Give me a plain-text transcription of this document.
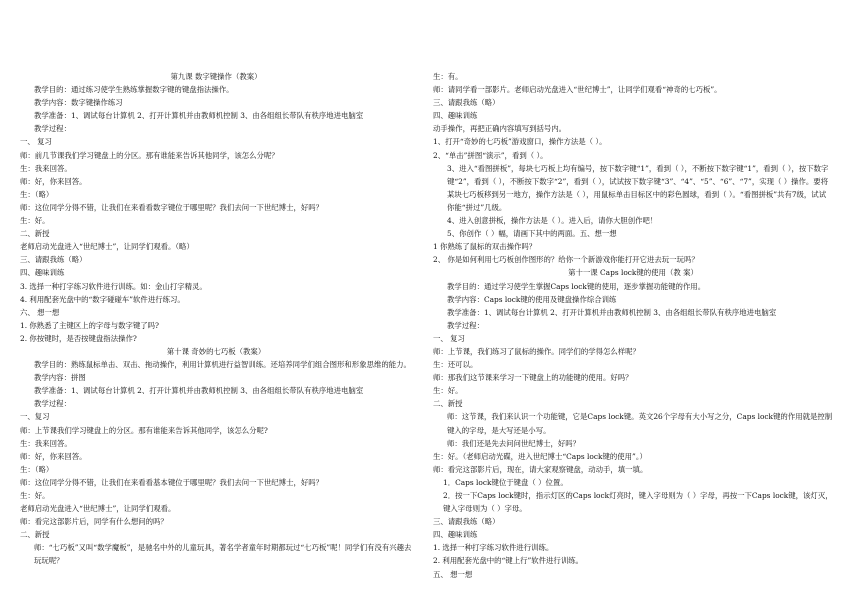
第九课 数字键操作（教案）
教学目的：通过练习使学生熟练掌握数字键的键盘指法操作。
教学内容：数字键操作练习
教学准备：1、调试每台计算机 2、打开计算机并由教师机控制 3、由各组组长带队有秩序地进电脑室
教学过程：
一、 复习
师：前几节课我们学习键盘上的分区。那有谁能来告诉其他同学，该怎么分呢？
生：我来回答。
师：好，你来回答。
生：（略）
师：这位同学分得不错，让我们在来看看数字键位于哪里呢？我们去问一下世纪博士，好吗？
生：好。
二、新授
老师启动光盘进入“世纪博士”，让同学们观看。（略）
三、请跟我练（略）
四、趣味训练
3. 选择一种打字练习软件进行训练。如：金山打字精灵。
4. 利用配套光盘中的“数字碰碰车”软件进行练习。
六、 想一想
1. 你熟悉了主键区上的字母与数字键了吗?
2. 你按键时，是否按键盘指法操作?
第十课 奇妙的七巧板（教案）
教学目的：熟练鼠标单击、双击、拖动操作，利用计算机进行益智训练。还培养同学们组合图形和形象思维的能力。
教学内容：拼图
教学准备：1、调试每台计算机 2、打开计算机并由教师机控制 3、由各组组长带队有秩序地进电脑室
教学过程：
一、复习
师：上节课我们学习键盘上的分区。那有谁能来告诉其他同学，该怎么分呢?
生：我来回答。
师：好，你来回答。
生：（略）
师：这位同学分得不错，让我们在来看看基本键位于哪里呢？我们去问一下世纪博士，好吗？
生：好。
老师启动光盘进入“世纪博士”，让同学们观看。
师：看完这部影片后，同学有什么想问的吗？
二、新授
师：“七巧板”又叫“数学魔板”，是驰名中外的儿童玩具，著名学者童年时期都玩过“七巧板”呢！同学们有没有兴趣去玩玩呢？
生：有。
师：请同学看一部影片。老师启动光盘进入“世纪博士”，让同学们观看“神奇的七巧板”。
三、请跟我练（略）
四、趣味训练
动手操作，再把正确内容填写到括号内。
1、打开“奇妙的七巧板”游戏窗口，操作方法是（ ）。
2、“单击”拼图“演示”，看到（ ）。
3、进入“看图拼板”，每块七巧板上均有编号，按下数字键“1”，看到（ ），不断按下数字键“1”，看到（ ），按下数字键“2”，看到（ ），不断按下数字“2”，看到（ ），试试按下数字键“3”、“4”、“5”、“6”、“7”，实现（ ）操作。要将某块七巧板移到另一地方，操作方法是（ ），用鼠标单击目标区中的彩色圆球，看到（ ）。“看图拼板”共有7级，试试你能“拼过”几级。
4、进入创意拼板，操作方法是（ ）。进入后，请你大胆创作吧！
5、你创作（ ）幅，请画下其中的两面。五、想一想
1 你熟练了鼠标的双击操作吗？
2、 你是如何利用七巧板创作图形的？给你一个新游戏你能打开它进去玩一玩吗？
第十一课 Caps lock键的使用（教 案）
教学目的：通过学习使学生掌握Caps lock键的使用，逐步掌握功能键的作用。
教学内容：Caps lock键的使用及键盘操作综合训练
教学准备：1、调试每台计算机 2、打开计算机并由教师机控制 3、由各组组长带队有秩序地进电脑室
教学过程：
一、 复习
师：上节课，我们练习了鼠标的操作。同学们的学得怎么样呢？
生：还可以。
师：那我们这节课来学习一下键盘上的功能键的使用。好吗？
生：好。
二、新授
师：这节课，我们来认识一个功能键，它是Caps lock键。英文26个字母有大小写之分，Caps lock键的作用就是控制键入的字母，是大写还是小写。
师：我们还是先去问问世纪博士，好吗？
生：好。（老师启动光碟，进入世纪博士“Caps lock键的使用”。）
师：看完这部影片后，现在，请大家观察键盘，动动手，填一填。
1．Caps lock键位于键盘（ ）位置。
2．按一下Caps lock键时，指示灯区的Caps lock灯亮时，键入字母则为（ ）字母，再按一下Caps lock键，该灯灭，键入字母则为（ ）字母。
三、请跟我练（略）
四、趣味训练
1. 选择一种打字练习软件进行训练。
2. 利用配套光盘中的“键上行”软件进行训练。
五、 想一想
